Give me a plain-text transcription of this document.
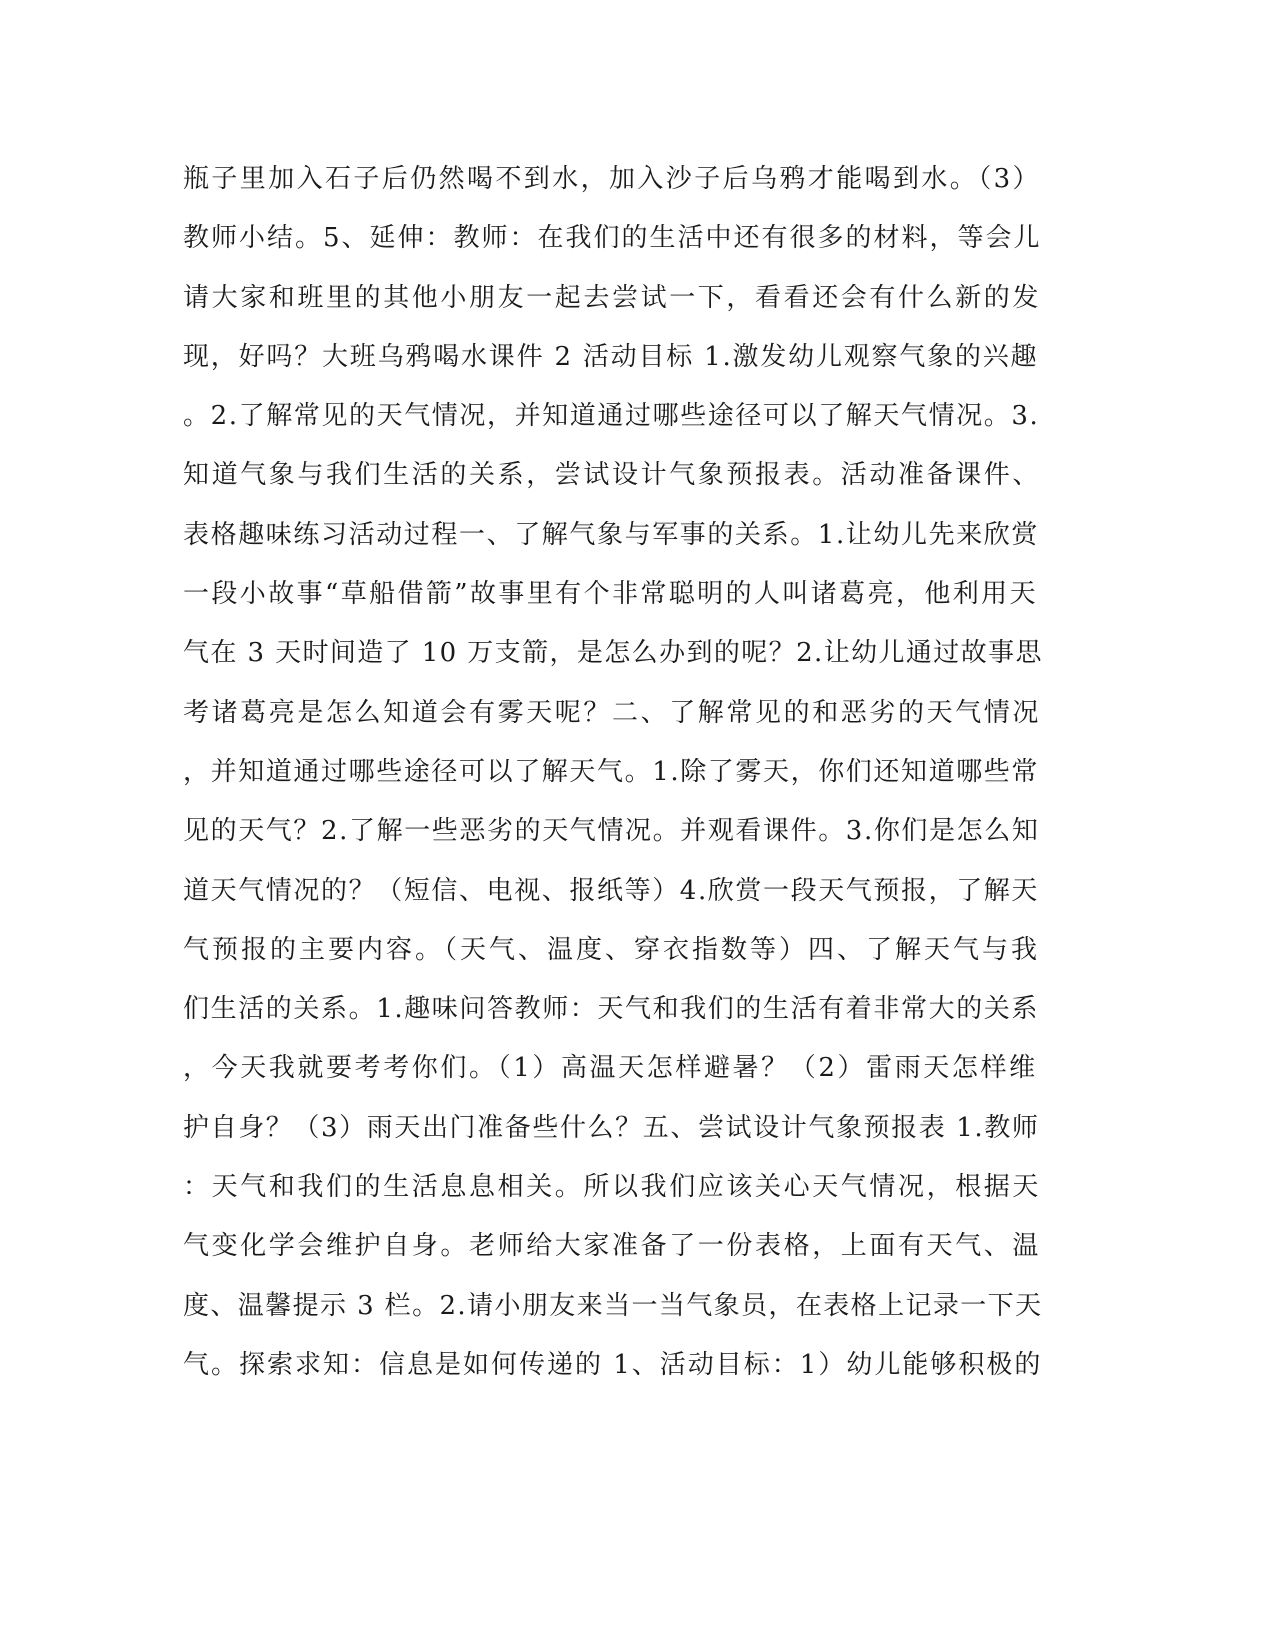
瓶子里加入石子后仍然喝不到水，加入沙子后乌鸦才能喝到水。（3）
教师小结。5、延伸：教师：在我们的生活中还有很多的材料，等会儿
请大家和班里的其他小朋友一起去尝试一下，看看还会有什么新的发
现，好吗？大班乌鸦喝水课件 2 活动目标 1.激发幼儿观察气象的兴趣
。2.了解常见的天气情况，并知道通过哪些途径可以了解天气情况。3.
知道气象与我们生活的关系，尝试设计气象预报表。活动准备课件、
表格趣味练习活动过程一、了解气象与军事的关系。1.让幼儿先来欣赏
一段小故事“草船借箭”故事里有个非常聪明的人叫诸葛亮，他利用天
气在 3 天时间造了 10 万支箭，是怎么办到的呢？2.让幼儿通过故事思
考诸葛亮是怎么知道会有雾天呢？二、了解常见的和恶劣的天气情况
，并知道通过哪些途径可以了解天气。1.除了雾天，你们还知道哪些常
见的天气？2.了解一些恶劣的天气情况。并观看课件。3.你们是怎么知
道天气情况的？（短信、电视、报纸等）4.欣赏一段天气预报，了解天
气预报的主要内容。（天气、温度、穿衣指数等）四、了解天气与我
们生活的关系。1.趣味问答教师：天气和我们的生活有着非常大的关系
，今天我就要考考你们。（1）高温天怎样避暑？（2）雷雨天怎样维
护自身？（3）雨天出门准备些什么？五、尝试设计气象预报表 1.教师
：天气和我们的生活息息相关。所以我们应该关心天气情况，根据天
气变化学会维护自身。老师给大家准备了一份表格，上面有天气、温
度、温馨提示 3 栏。2.请小朋友来当一当气象员，在表格上记录一下天
气。探索求知：信息是如何传递的 1、活动目标：1）幼儿能够积极的
